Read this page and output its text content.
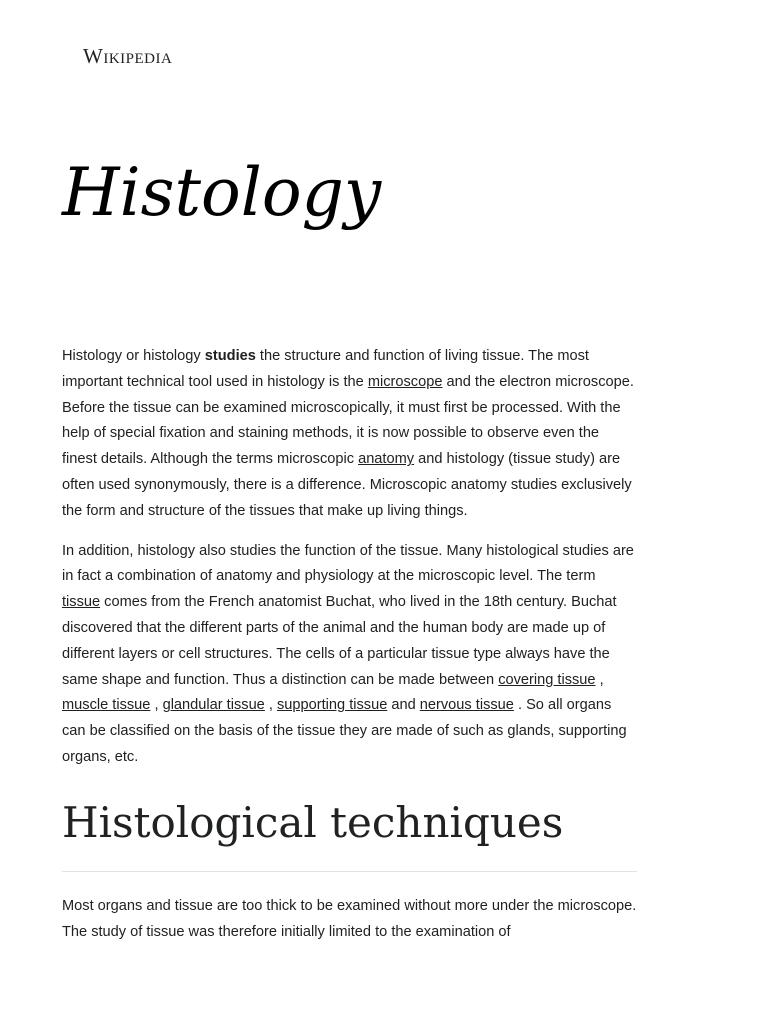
Wikipedia
Histology

Histology or histology studies the structure and function of living tissue. The most important technical tool used in histology is the microscope and the electron microscope. Before the tissue can be examined microscopically, it must first be processed. With the help of special fixation and staining methods, it is now possible to observe even the finest details. Although the terms microscopic anatomy and histology (tissue study) are often used synonymously, there is a difference. Microscopic anatomy studies exclusively the form and structure of the tissues that make up living things.

In addition, histology also studies the function of the tissue. Many histological studies are in fact a combination of anatomy and physiology at the microscopic level. The term tissue comes from the French anatomist Buchat, who lived in the 18th century. Buchat discovered that the different parts of the animal and the human body are made up of different layers or cell structures. The cells of a particular tissue type always have the same shape and function. Thus a distinction can be made between covering tissue , muscle tissue , glandular tissue , supporting tissue and nervous tissue . So all organs can be classified on the basis of the tissue they are made of such as glands, supporting organs, etc.

Histological techniques

Most organs and tissue are too thick to be examined without more under the microscope. The study of tissue was therefore initially limited to the examination of
